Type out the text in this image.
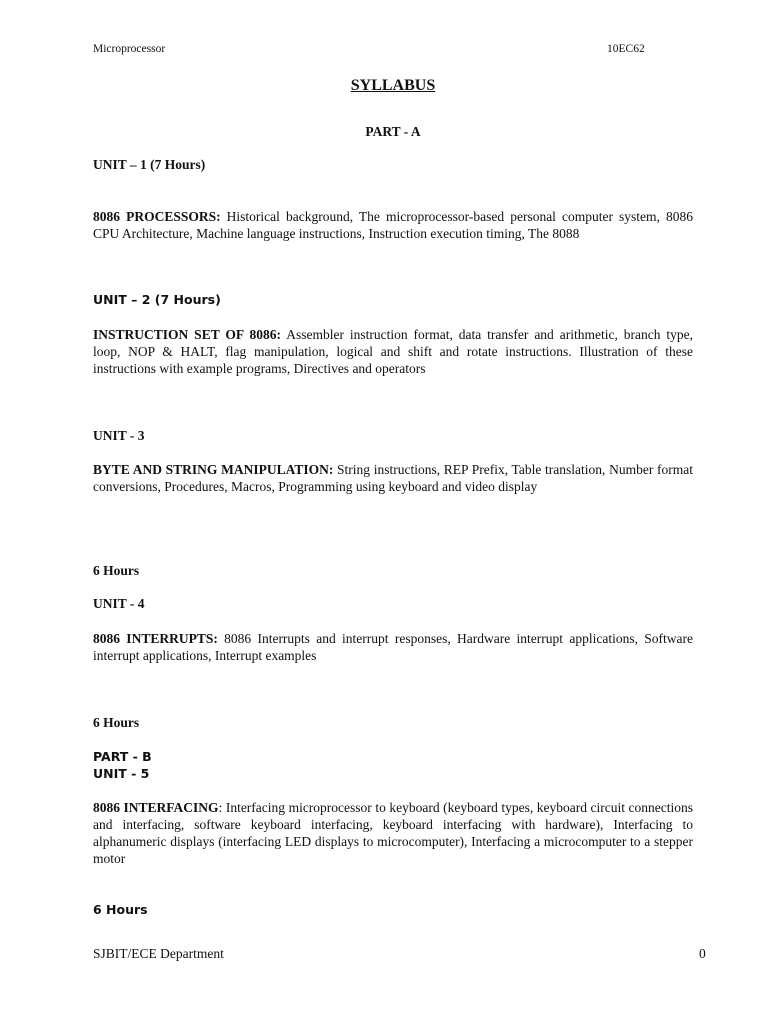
Microprocessor	10EC62
SYLLABUS
PART - A
UNIT – 1 (7 Hours)
8086 PROCESSORS: Historical background, The microprocessor-based personal computer system, 8086 CPU Architecture, Machine language instructions, Instruction execution timing, The 8088
UNIT – 2 (7 Hours)
INSTRUCTION SET OF 8086: Assembler instruction format, data transfer and arithmetic, branch type, loop, NOP & HALT, flag manipulation, logical and shift and rotate instructions. Illustration of these instructions with example programs, Directives and operators
UNIT - 3
BYTE AND STRING MANIPULATION: String instructions, REP Prefix, Table translation, Number format conversions, Procedures, Macros, Programming using keyboard and video display
6 Hours
UNIT - 4
8086 INTERRUPTS: 8086 Interrupts and interrupt responses, Hardware interrupt applications, Software interrupt applications, Interrupt examples
6 Hours
PART - B
UNIT - 5
8086 INTERFACING: Interfacing microprocessor to keyboard (keyboard types, keyboard circuit connections and interfacing, software keyboard interfacing, keyboard interfacing with hardware), Interfacing to alphanumeric displays (interfacing LED displays to microcomputer), Interfacing a microcomputer to a stepper motor
6 Hours
SJBIT/ECE Department	0
